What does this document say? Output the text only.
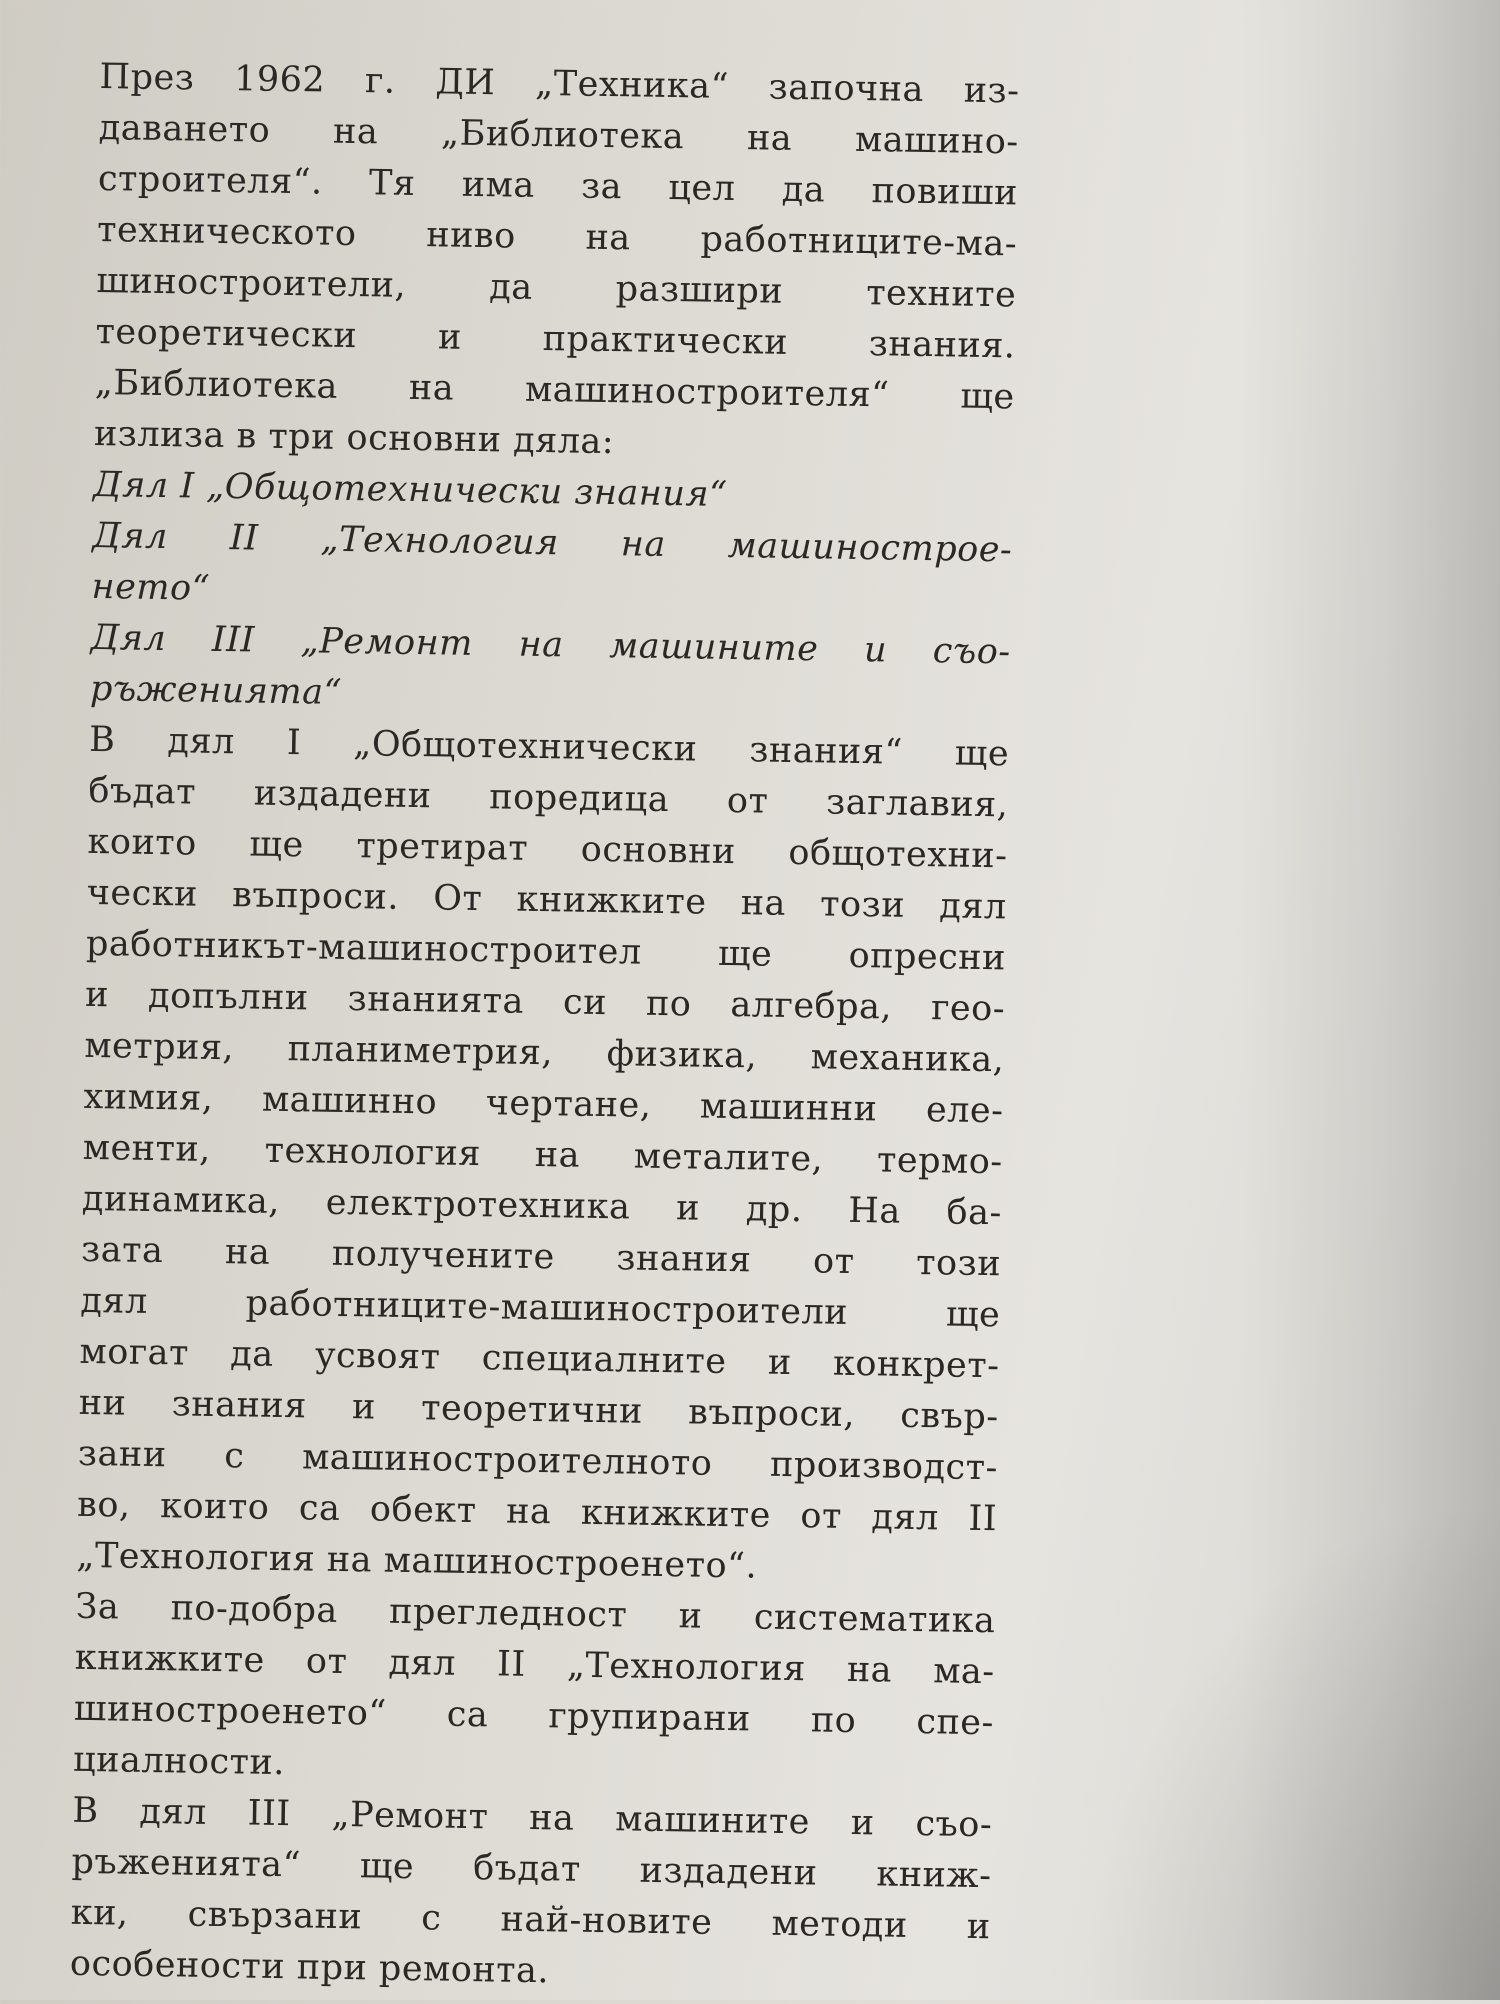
През 1962 г. ДИ „Техника“ започна из-
даването на „Библиотека на машино-
строителя“. Тя има за цел да повиши
техническото ниво на работниците-ма-
шиностроители, да разшири техните
теоретически и практически знания.
„Библиотека на машиностроителя“ ще
излиза в три основни дяла:
Дял I „Общотехнически знания“
Дял II „Технология на машинострое-
нето“
Дял III „Ремонт на машините и съо-
ръженията“
В дял I „Общотехнически знания“ ще
бъдат издадени поредица от заглавия,
които ще третират основни общотехни-
чески въпроси. От книжките на този дял
работникът-машиностроител ще опресни
и допълни знанията си по алгебра, гео-
метрия, планиметрия, физика, механика,
химия, машинно чертане, машинни еле-
менти, технология на металите, термо-
динамика, електротехника и др. На ба-
зата на получените знания от този
дял работниците-машиностроители ще
могат да усвоят специалните и конкрет-
ни знания и теоретични въпроси, свър-
зани с машиностроителното производст-
во, които са обект на книжките от дял II
„Технология на машиностроенето“.
За по-добра прегледност и систематика
книжките от дял II „Технология на ма-
шиностроенето“ са групирани по спе-
циалности.
В дял III „Ремонт на машините и съо-
ръженията“ ще бъдат издадени книж-
ки, свързани с най-новите методи и
особености при ремонта.
